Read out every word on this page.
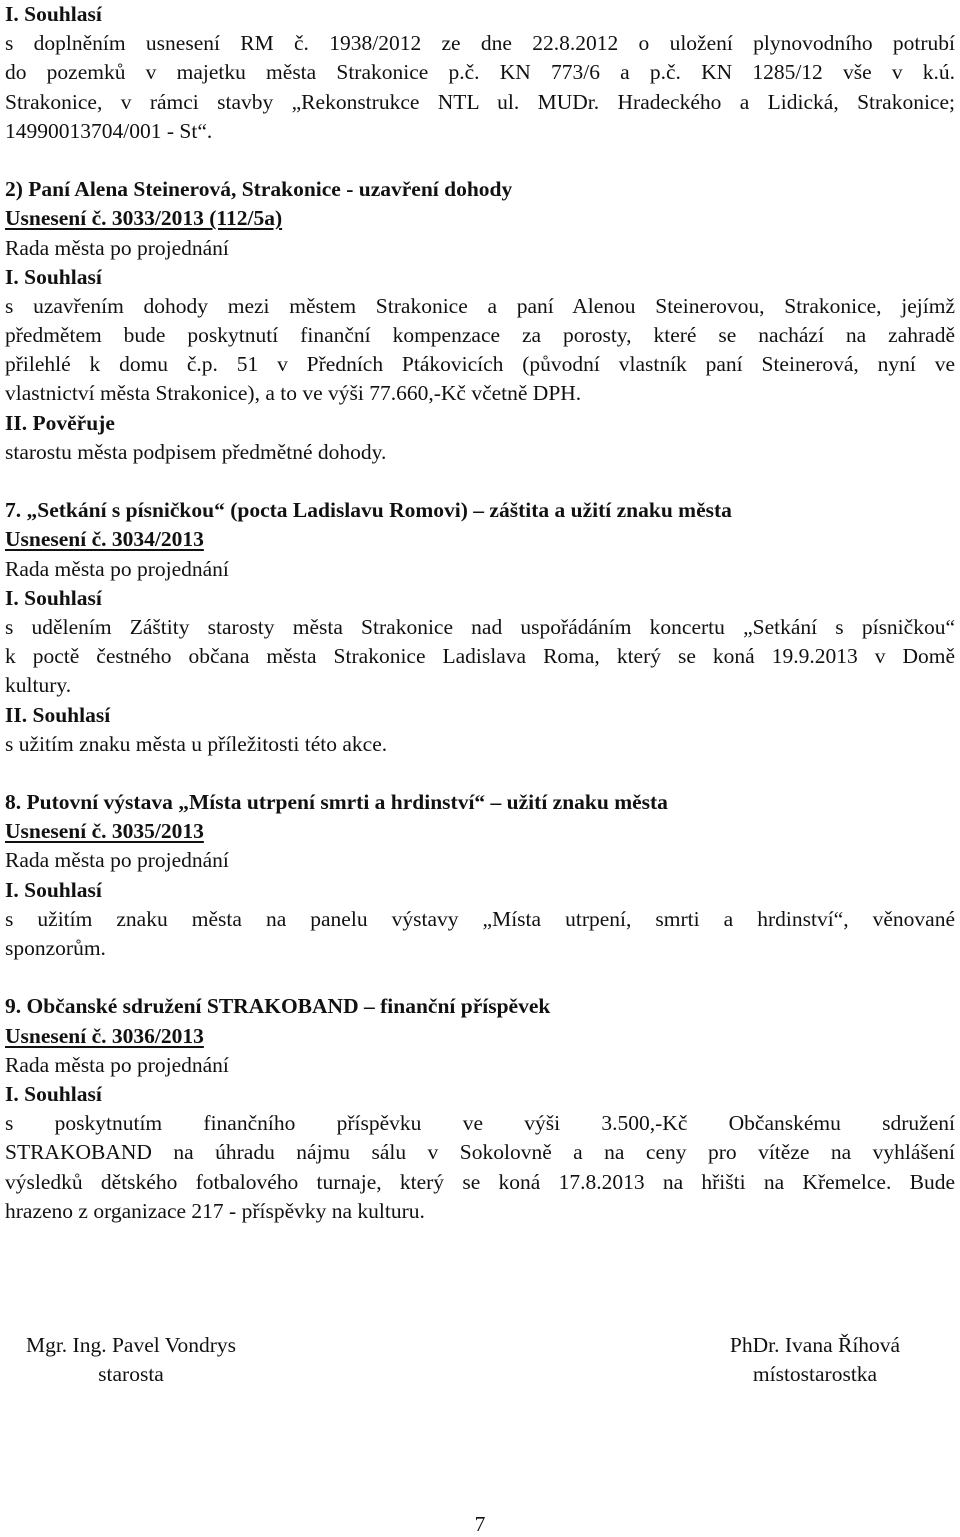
I. Souhlasí
s doplněním usnesení RM č. 1938/2012 ze dne 22.8.2012 o uložení plynovodního potrubí
do pozemků v majetku města Strakonice p.č. KN 773/6 a p.č. KN 1285/12 vše v k.ú.
Strakonice, v rámci stavby „Rekonstrukce NTL ul. MUDr. Hradeckého a Lidická, Strakonice;
14990013704/001 - St“.
2) Paní Alena Steinerová, Strakonice - uzavření dohody
Usnesení č. 3033/2013 (112/5a)
Rada města po projednání
I. Souhlasí
s uzavřením dohody mezi městem Strakonice a paní Alenou Steinerovou, Strakonice, jejímž
předmětem bude poskytnutí finanční kompenzace za porosty, které se nachází na zahradě
přilehlé k domu č.p. 51 v Předních Ptákovicích (původní vlastník paní Steinerová, nyní ve
vlastnictví města Strakonice), a to ve výši 77.660,-Kč včetně DPH.
II. Pověřuje
starostu města podpisem předmětné dohody.
7. „Setkání s písničkou“ (pocta Ladislavu Romovi) – záštita a užití znaku města
Usnesení č. 3034/2013
Rada města po projednání
I. Souhlasí
s udělením Záštity starosty města Strakonice nad uspořádáním koncertu „Setkání s písničkou“
k poctě čestného občana města Strakonice Ladislava Roma, který se koná 19.9.2013 v Domě
kultury.
II. Souhlasí
s užitím znaku města u příležitosti této akce.
8. Putovní výstava „Místa utrpení smrti a hrdinství“ – užití znaku města
Usnesení č. 3035/2013
Rada města po projednání
I. Souhlasí
s užitím znaku města na panelu výstavy „Místa utrpení, smrti a hrdinství“, věnované
sponzorům.
9. Občanské sdružení STRAKOBAND – finanční příspěvek
Usnesení č. 3036/2013
Rada města po projednání
I. Souhlasí
s poskytnutím finančního příspěvku ve výši 3.500,-Kč Občanskému sdružení
STRAKOBAND na úhradu nájmu sálu v Sokolovně a na ceny pro vítěze na vyhlášení
výsledků dětského fotbalového turnaje, který se koná 17.8.2013 na hřišti na Křemelce. Bude
hrazeno z organizace 217 - příspěvky na kulturu.
Mgr. Ing. Pavel Vondrys
starosta
PhDr. Ivana Říhová
místostarostka
7
